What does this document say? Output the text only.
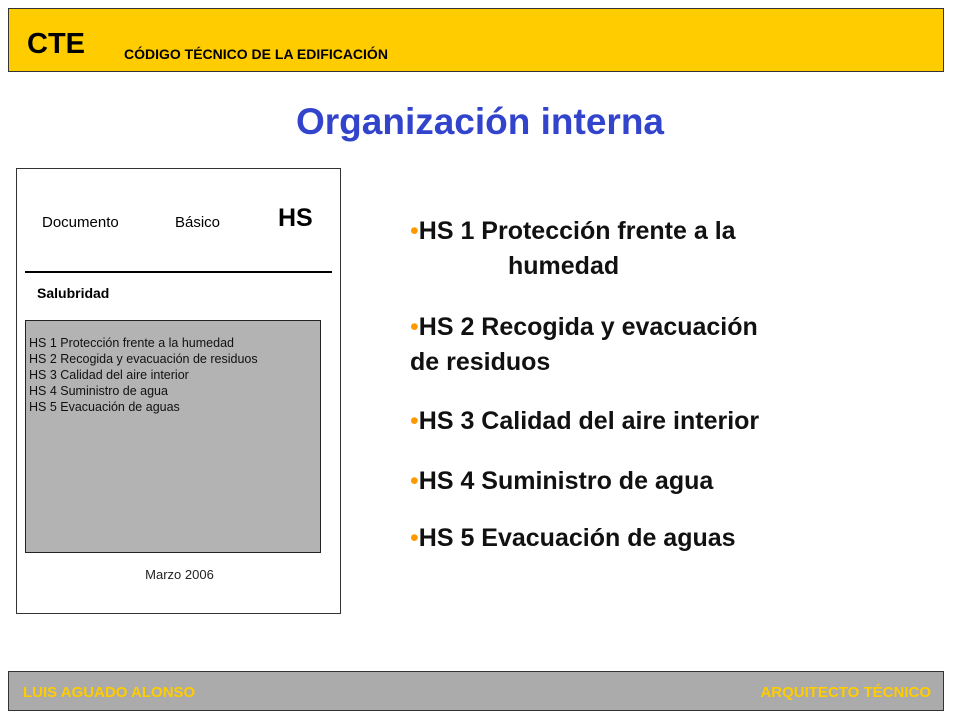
CTE	CÓDIGO TÉCNICO DE LA EDIFICACIÓN
Organización interna
Documento	Básico HS
Salubridad
HS 1 Protección frente a la humedad
HS 2 Recogida y evacuación de residuos
HS 3 Calidad del aire interior
HS 4 Suministro de agua
HS 5 Evacuación de aguas
Marzo 2006
•HS 1 Protección frente a la
humedad
•HS 2 Recogida y evacuación
de residuos
•HS 3 Calidad del aire interior
•HS 4 Suministro de agua
•HS 5 Evacuación de aguas
LUIS AGUADO ALONSO	ARQUITECTO TÉCNICO
